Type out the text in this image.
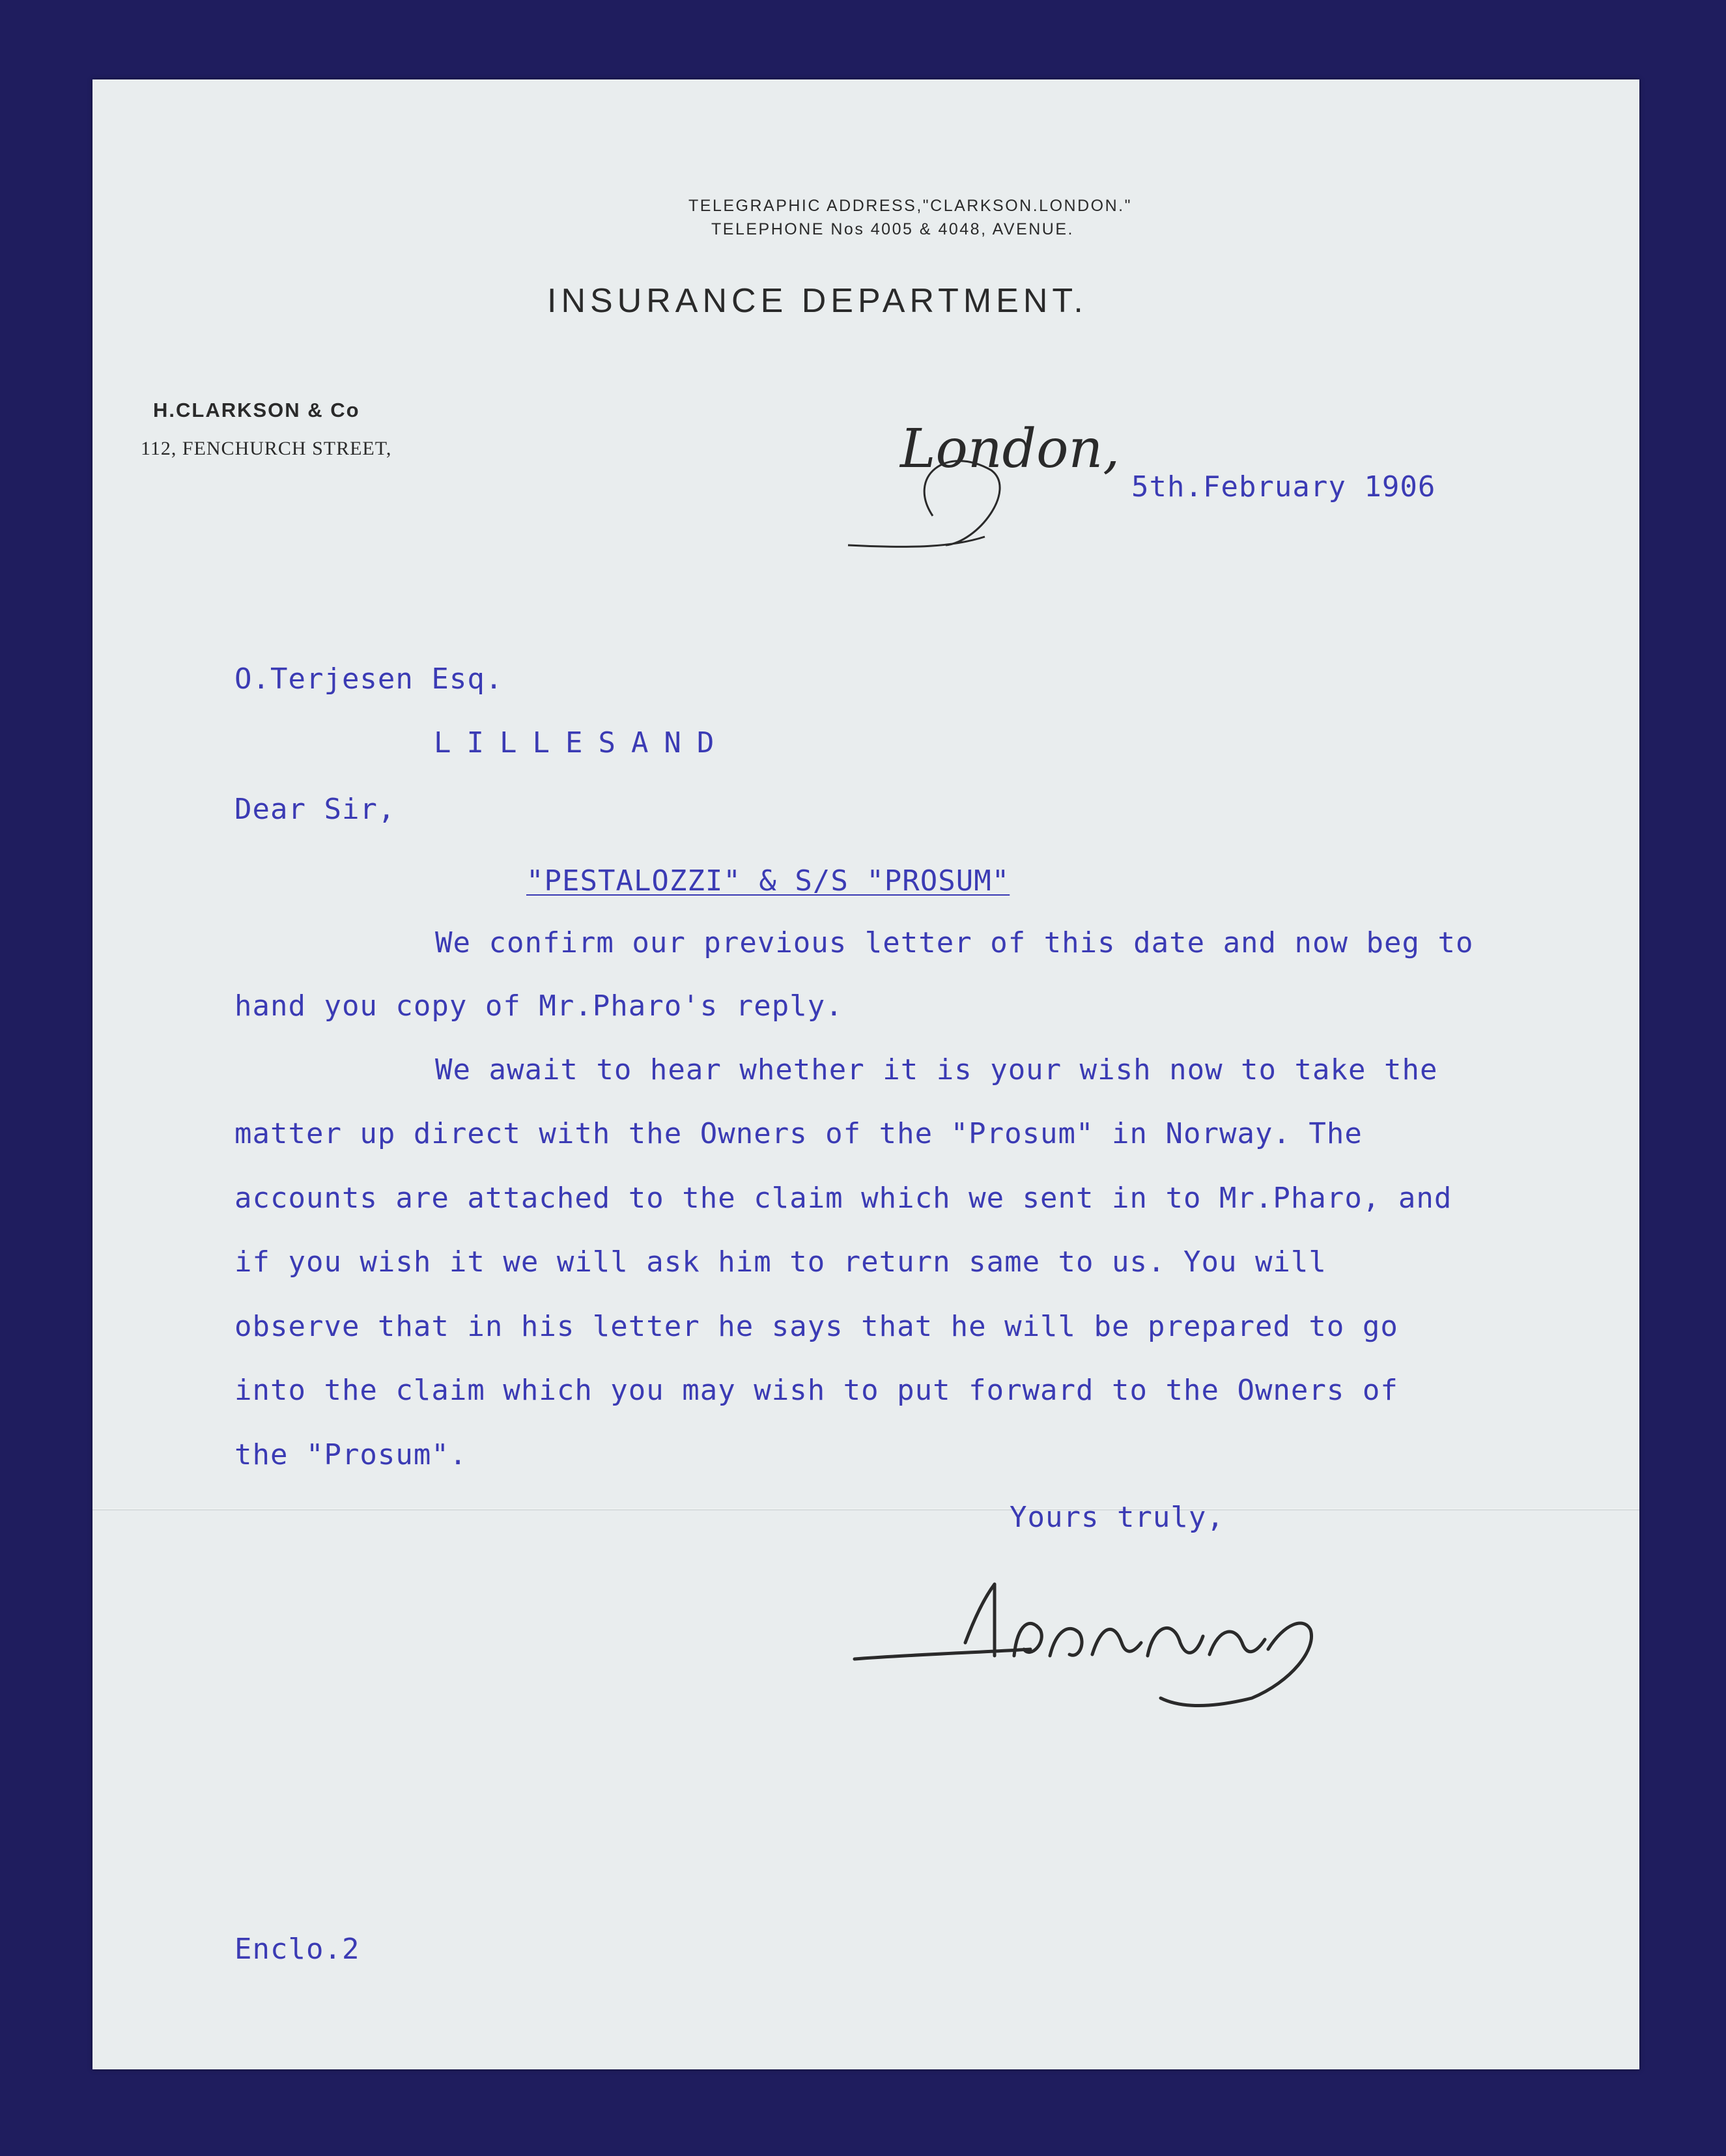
TELEGRAPHIC ADDRESS,"CLARKSON.LONDON."
TELEPHONE Nos 4005 & 4048, AVENUE.
INSURANCE DEPARTMENT.
H.CLARKSON & Co
112, FENCHURCH STREET,	London,
5th.February 1906
O.Terjesen Esq.
LILLESAND
Dear Sir,
"PESTALOZZI" & S/S "PROSUM"
We confirm our previous letter of this date and now beg to
hand you copy of Mr.Pharo's reply.
We await to hear whether it is your wish now to take the
matter up direct with the Owners of the "Prosum" in Norway. The
accounts are attached to the claim which we sent in to Mr.Pharo, and
if you wish it we will ask him to return same to us. You will
observe that in his letter he says that he will be prepared to go
into the claim which you may wish to put forward to the Owners of
the "Prosum".
Yours truly,
Enclo.2
